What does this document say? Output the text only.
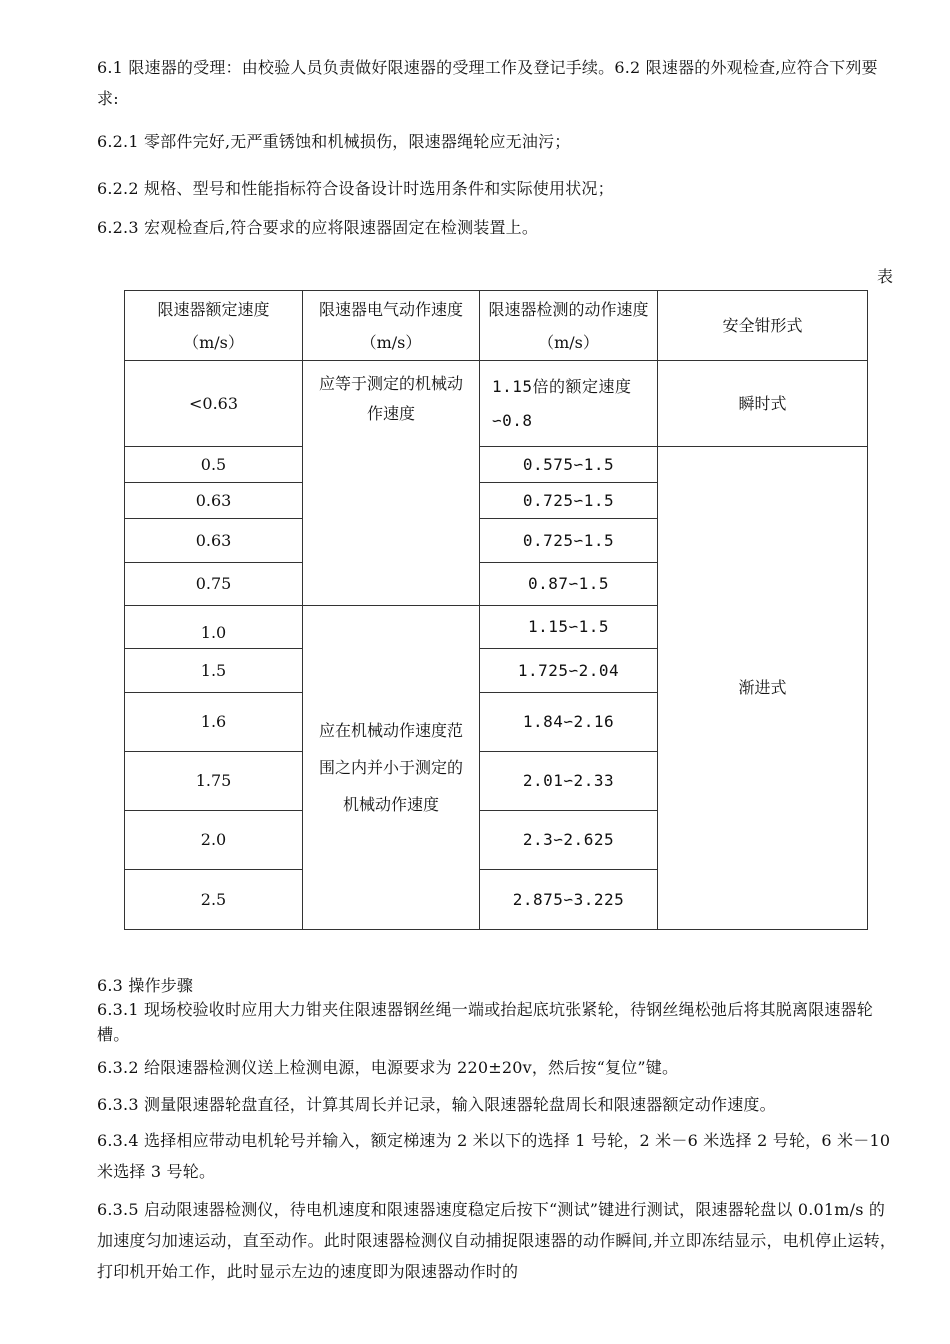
6.1 限速器的受理：由校验人员负责做好限速器的受理工作及登记手续。6.2 限速器的外观检查,应符合下列要求:
6.2.1 零部件完好,无严重锈蚀和机械损伤，限速器绳轮应无油污；
6.2.2 规格、型号和性能指标符合设备设计时选用条件和实际使用状况；
6.2.3 宏观检查后,符合要求的应将限速器固定在检测装置上。
表
限速器额定速度（m/s）	限速器电气动作速度（m/s）	限速器检测的动作速度（m/s）	安全钳形式
<0.63	应等于测定的机械动作速度	1.15倍的额定速度∽0.8	瞬时式
0.5		0.575∽1.5	渐进式
0.63		0.725∽1.5	
0.63		0.725∽1.5	
0.75		0.87∽1.5	
1.0	应在机械动作速度范围之内并小于测定的机械动作速度	1.15∽1.5	
1.5		1.725∽2.04	
1.6		1.84∽2.16	
1.75		2.01∽2.33	
2.0		2.3∽2.625	
2.5		2.875∽3.225	
6.3 操作步骤
6.3.1 现场校验收时应用大力钳夹住限速器钢丝绳一端或抬起底坑张紧轮，待钢丝绳松弛后将其脱离限速器轮槽。
6.3.2 给限速器检测仪送上检测电源，电源要求为 220±20v，然后按“复位”键。
6.3.3 测量限速器轮盘直径，计算其周长并记录，输入限速器轮盘周长和限速器额定动作速度。
6.3.4 选择相应带动电机轮号并输入，额定梯速为 2 米以下的选择 1 号轮，2 米－6 米选择 2 号轮，6 米－10 米选择 3 号轮。
6.3.5 启动限速器检测仪，待电机速度和限速器速度稳定后按下“测试”键进行测试，限速器轮盘以 0.01m/s 的加速度匀加速运动，直至动作。此时限速器检测仪自动捕捉限速器的动作瞬间,并立即冻结显示，电机停止运转，打印机开始工作，此时显示左边的速度即为限速器动作时的
